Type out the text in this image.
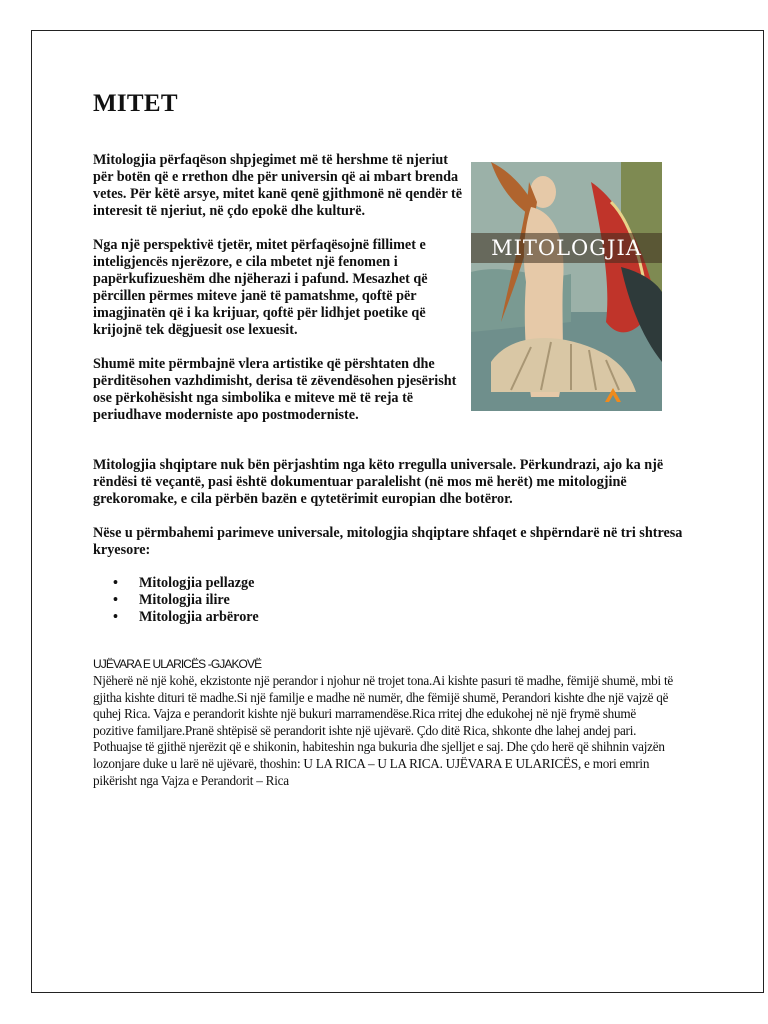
MITET

Mitologjia përfaqëson shpjegimet më të hershme të njeriut për botën që e rrethon dhe për universin që ai mbart brenda vetes. Për këtë arsye, mitet kanë qenë gjithmonë në qendër të interesit të njeriut, në çdo epokë dhe kulturë.

Nga një perspektivë tjetër, mitet përfaqësojnë fillimet e inteligjencës njerëzore, e cila mbetet një fenomen i papërkufizueshëm dhe njëherazi i pafund. Mesazhet që përcillen përmes miteve janë të pamatshme, qoftë për imagjinatën që i ka krijuar, qoftë për lidhjet poetike që krijojnë tek dëgjuesit ose lexuesit.

Shumë mite përmbajnë vlera artistike që përshtaten dhe përditësohen vazhdimisht, derisa të zëvendësohen pjesërisht ose përkohësisht nga simbolika e miteve më të reja të periudhave moderniste apo postmoderniste.

MITOLOGJIA

Mitologjia shqiptare nuk bën përjashtim nga këto rregulla universale. Përkundrazi, ajo ka një rëndësi të veçantë, pasi është dokumentuar paralelisht (në mos më herët) me mitologjinë grekoromake, e cila përbën bazën e qytetërimit europian dhe botëror.

Nëse u përmbahemi parimeve universale, mitologjia shqiptare shfaqet e shpërndarë në tri shtresa kryesore:

• Mitologjia pellazge
• Mitologjia ilire
• Mitologjia arbërore
UJËVARA E ULARICËS -GJAKOVË

Njëherë në një kohë, ekzistonte një perandor i njohur në trojet tona.Ai kishte pasuri të madhe, fëmijë shumë, mbi të gjitha kishte dituri të madhe.Si një familje e madhe në numër, dhe fëmijë shumë, Perandori kishte dhe një vajzë që quhej Rica. Vajza e perandorit kishte një bukuri marramendëse.Rica rritej dhe edukohej në një frymë shumë pozitive familjare.Pranë shtëpisë së perandorit ishte një ujëvarë. Çdo ditë Rica, shkonte dhe lahej andej pari. Pothuajse të gjithë njerëzit që e shikonin, habiteshin nga bukuria dhe sjelljet e saj. Dhe çdo herë që shihnin vajzën lozonjare duke u larë në ujëvarë, thoshin: U LA RICA – U LA RICA. UJËVARA E ULARICËS, e mori emrin pikërisht nga Vajza e Perandorit – Rica
